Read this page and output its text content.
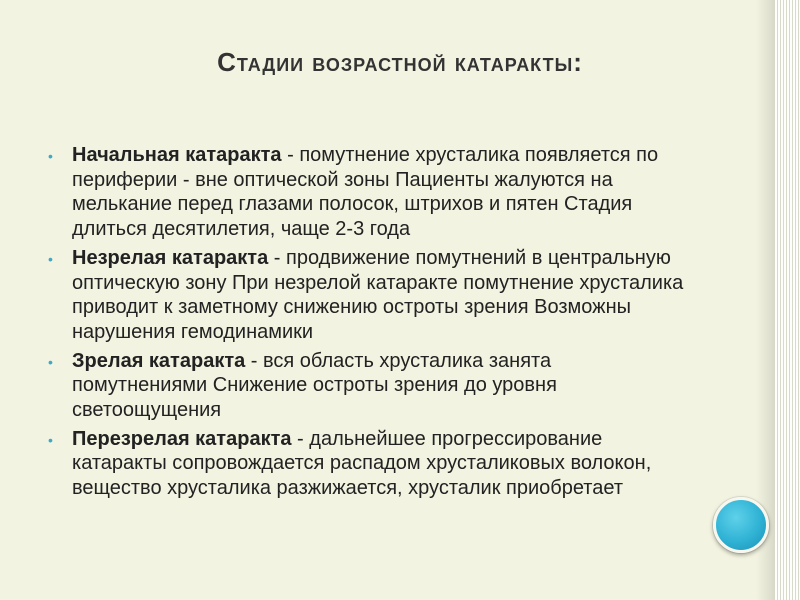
Стадии возрастной катаракты:
• Начальная катаракта - помутнение хрусталика появляется по периферии - вне оптической зоны Пациенты жалуются на мелькание перед глазами полосок, штрихов и пятен Стадия длиться десятилетия, чаще 2-3 года
• Незрелая катаракта - продвижение помутнений в центральную оптическую зону При незрелой катаракте помутнение хрусталика приводит к заметному снижению остроты зрения Возможны нарушения гемодинамики
• Зрелая катаракта - вся область хрусталика занята помутнениями Снижение остроты зрения до уровня светоощущения
• Перезрелая катаракта - дальнейшее прогрессирование катаракты сопровождается распадом хрусталиковых волокон, вещество хрусталика разжижается, хрусталик приобретает
